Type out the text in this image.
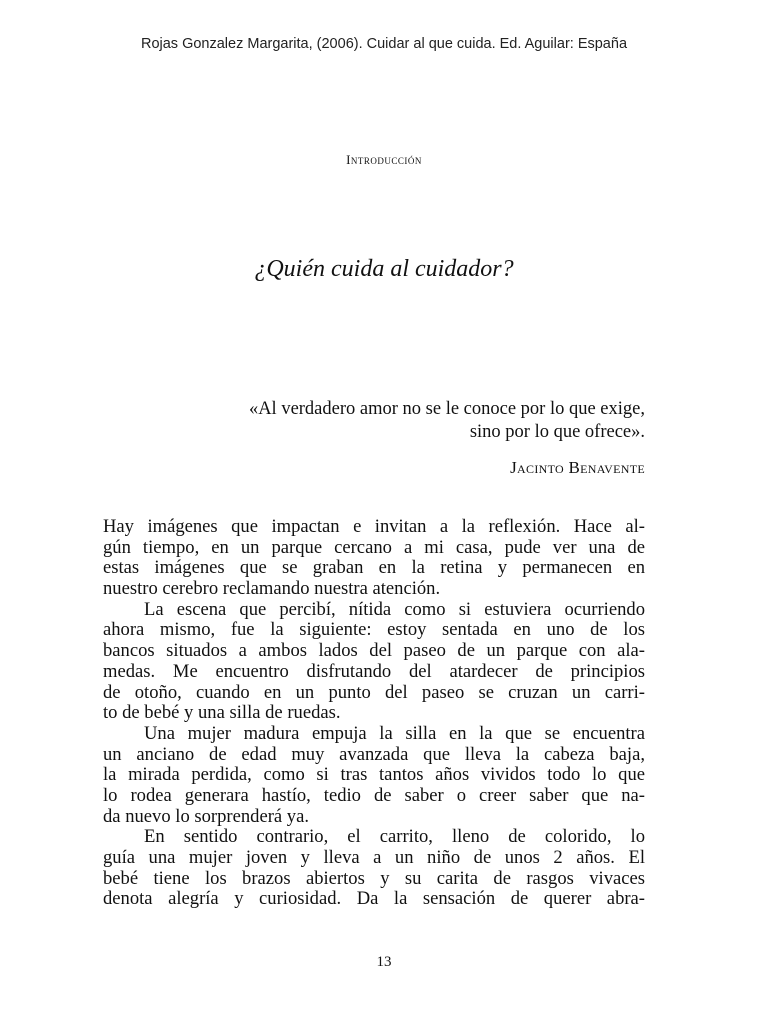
Rojas Gonzalez Margarita, (2006). Cuidar al que cuida. Ed. Aguilar: España
Introducción
¿Quién cuida al cuidador?
«Al verdadero amor no se le conoce por lo que exige,
sino por lo que ofrece».
Jacinto Benavente
Hay imágenes que impactan e invitan a la reflexión. Hace al-
gún tiempo, en un parque cercano a mi casa, pude ver una de
estas imágenes que se graban en la retina y permanecen en
nuestro cerebro reclamando nuestra atención.
La escena que percibí, nítida como si estuviera ocurriendo
ahora mismo, fue la siguiente: estoy sentada en uno de los
bancos situados a ambos lados del paseo de un parque con ala-
medas. Me encuentro disfrutando del atardecer de principios
de otoño, cuando en un punto del paseo se cruzan un carri-
to de bebé y una silla de ruedas.
Una mujer madura empuja la silla en la que se encuentra
un anciano de edad muy avanzada que lleva la cabeza baja,
la mirada perdida, como si tras tantos años vividos todo lo que
lo rodea generara hastío, tedio de saber o creer saber que na-
da nuevo lo sorprenderá ya.
En sentido contrario, el carrito, lleno de colorido, lo
guía una mujer joven y lleva a un niño de unos 2 años. El
bebé tiene los brazos abiertos y su carita de rasgos vivaces
denota alegría y curiosidad. Da la sensación de querer abra-
13
